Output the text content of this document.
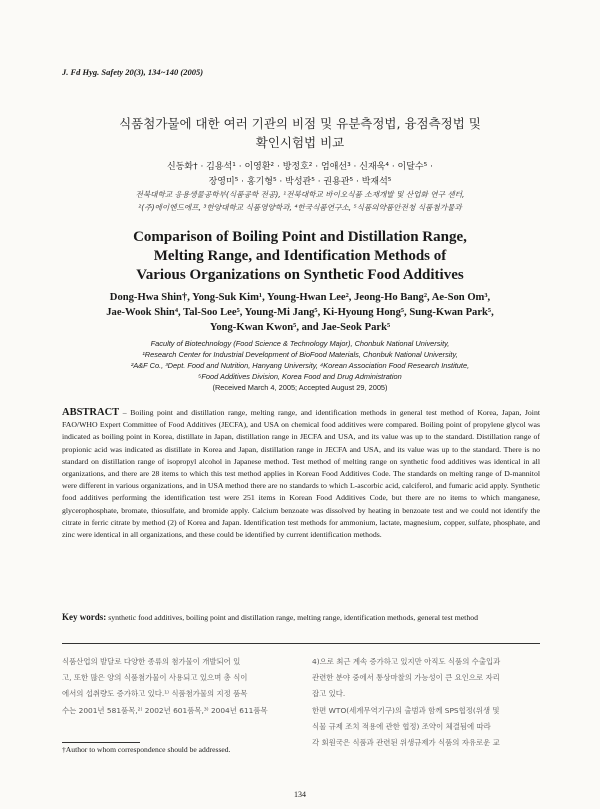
J. Fd Hyg. Safety 20(3), 134~140 (2005)
식품첨가물에 대한 여러 기관의 비점 및 유분측정법, 융점측정법 및
확인시험법 비교
신동화† · 김용석¹ · 이영환² · 방정호² · 엄애선³ · 신재욱⁴ · 이달수⁵ ·
장영미⁵ · 홍기형⁵ · 박성관⁵ · 권용관⁵ · 박재석⁵
전북대학교 응용생물공학부(식품공학 전공), ¹전북대학교 바이오식품 소재개발 및 산업화 연구 센터,
²(주)에이엔드에프, ³한양대학교 식품영양학과, ⁴한국식품연구소, ⁵식품의약품안전청 식품첨가물과
Comparison of Boiling Point and Distillation Range,
Melting Range, and Identification Methods of
Various Organizations on Synthetic Food Additives
Dong-Hwa Shin†, Yong-Suk Kim¹, Young-Hwan Lee², Jeong-Ho Bang², Ae-Son Om³,
Jae-Wook Shin⁴, Tal-Soo Lee⁵, Young-Mi Jang⁵, Ki-Hyoung Hong⁵, Sung-Kwan Park⁵,
Yong-Kwan Kwon⁵, and Jae-Seok Park⁵
Faculty of Biotechnology (Food Science & Technology Major), Chonbuk National University,
¹Research Center for Industrial Development of BioFood Materials, Chonbuk National University,
²A&F Co., ³Dept. Food and Nutrition, Hanyang University, ⁴Korean Association Food Research Institute,
⁵Food Additives Division, Korea Food and Drug Administration
(Received March 4, 2005; Accepted August 29, 2005)
ABSTRACT – Boiling point and distillation range, melting range, and identification methods in general test method of Korea, Japan, Joint FAO/WHO Expert Committee of Food Additives (JECFA), and USA on chemical food additives were compared. Boiling point of propylene glycol was indicated as boiling point in Korea, distillate in Japan, distillation range in JECFA and USA, and its value was up to the standard. Distillation range of propionic acid was indicated as distillate in Korea and Japan, distillation range in JECFA and USA, and its value was up to the standard. There is no standard on distillation range of isopropyl alcohol in Japanese method. Test method of melting range on synthetic food additives was identical in all organizations, and there are 28 items to which this test method applies in Korean Food Additives Code. The standards on melting range of D-mannitol were different in various organizations, and in USA method there are no standards to which L-ascorbic acid, calciferol, and fumaric acid apply. Synthetic food additives performing the identification test were 251 items in Korean Food Additives Code, but there are no items to which manganese, glycerophosphate, bromate, thiosulfate, and bromide apply. Calcium benzoate was dissolved by heating in benzoate test and we could not identify the citrate in ferric citrate by method (2) of Korea and Japan. Identification test methods for ammonium, lactate, magnesium, copper, sulfate, phosphate, and zinc were identical in all organizations, and these could be identified by current identification methods.
Key words: synthetic food additives, boiling point and distillation range, melting range, identification methods, general test method
식품산업의 발달로 다양한 종류의 첨가물이 개발되어 있
고, 또한 많은 양의 식품첨가물이 사용되고 있으며 총 식이
에서의 섭취량도 증가하고 있다.¹⁾ 식품첨가물의 지정 품목
수는 2001년 581품목,²⁾ 2002년 601품목,³⁾ 2004년 611품목
4)으로 최근 계속 증가하고 있지만 아직도 식품의 수출입과
관련한 분야 중에서 통상마찰의 가능성이 큰 요인으로 자리
잡고 있다.
한편 WTO(세계무역기구)의 출범과 함께 SPS협정(위생 및
식물 규제 조치 적용에 관한 협정) 조약이 체결됨에 따라
각 회원국은 식품과 관련된 위생규제가 식품의 자유로운 교
†Author to whom correspondence should be addressed.
134
